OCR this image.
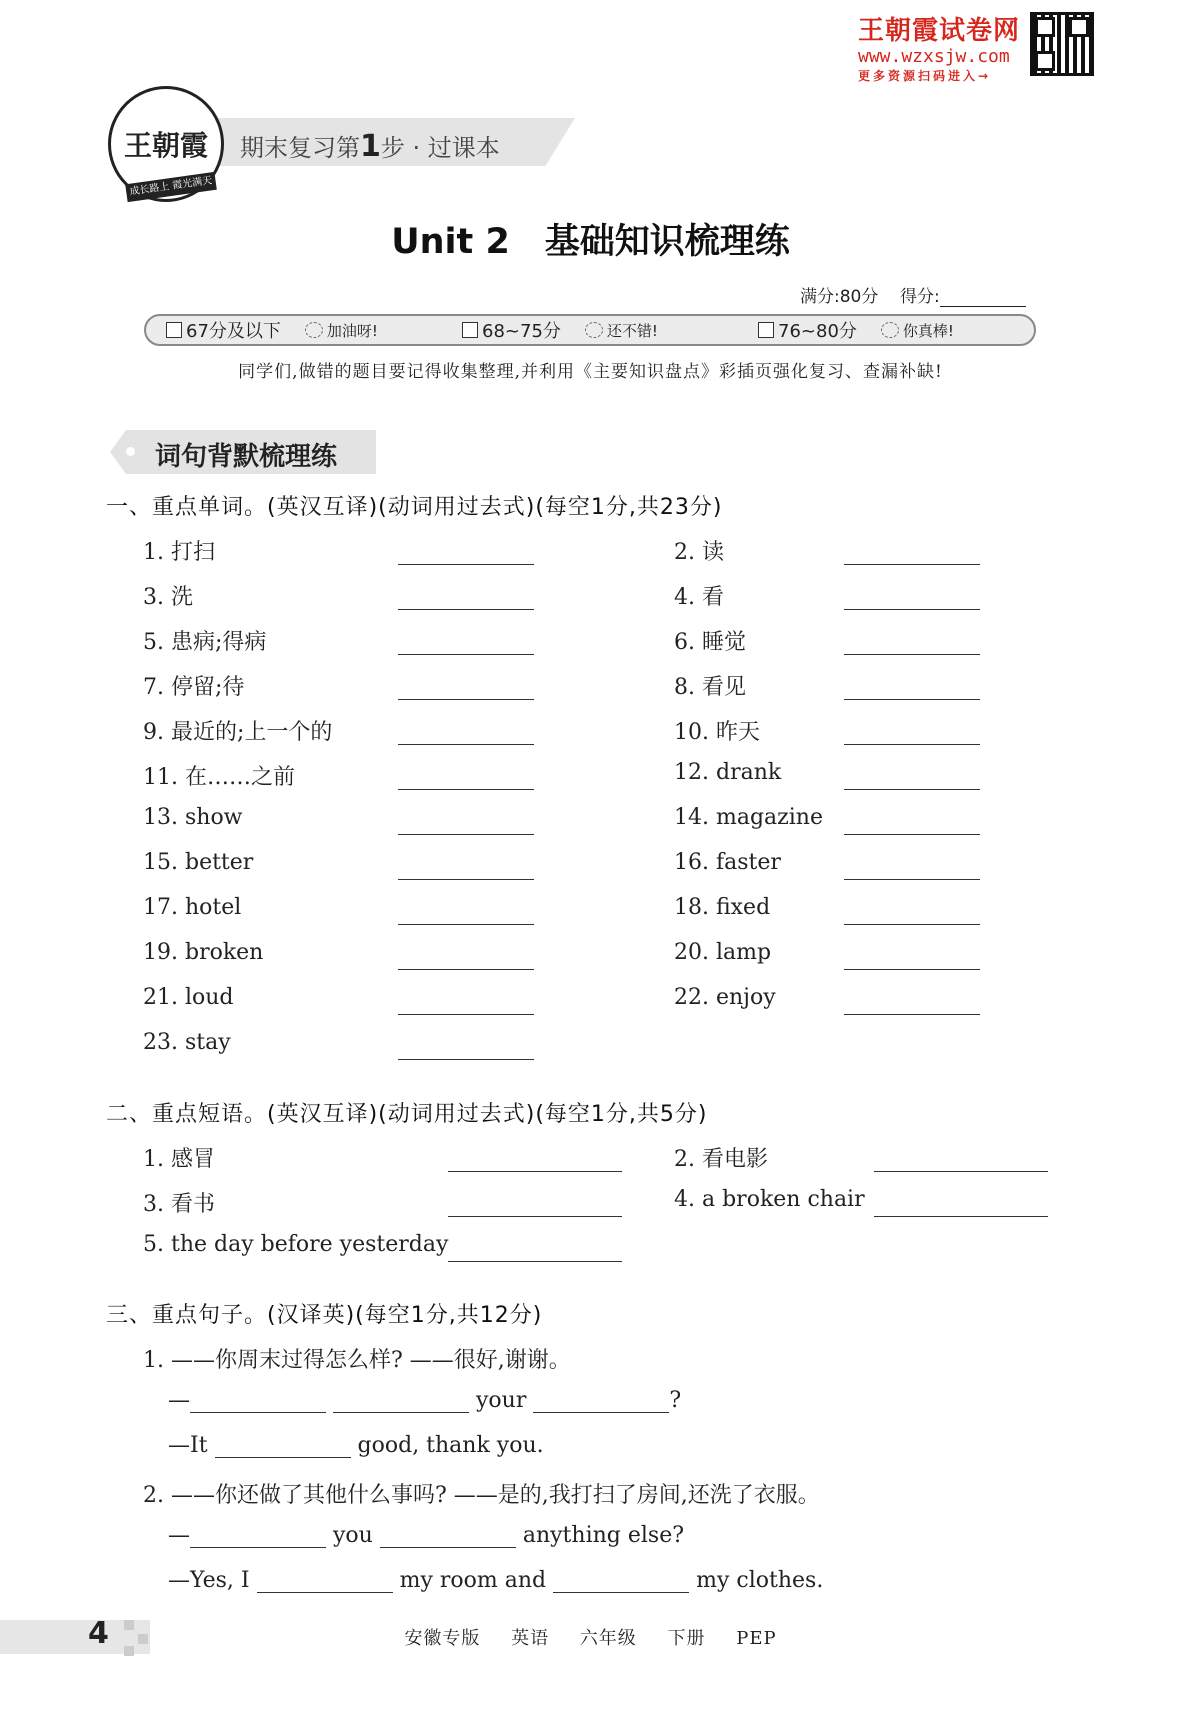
王朝霞试卷网
www.wzxsjw.com
更多资源扫码进入→
期末复习第1步 · 过课本
王朝霞
成长路上 霞光满天
Unit 2　基础知识梳理练
满分:80分 得分:
67分及以下	加油呀!	68~75分	还不错!	76~80分	你真棒!
同学们,做错的题目要记得收集整理,并利用《主要知识盘点》彩插页强化复习、查漏补缺!
词句背默梳理练
一、重点单词。(英汉互译)(动词用过去式)(每空1分,共23分)
1. 打扫	2. 读
3. 洗	4. 看
5. 患病;得病	6. 睡觉
7. 停留;待	8. 看见
9. 最近的;上一个的	10. 昨天
11. 在……之前	12. drank
13. show	14. magazine
15. better	16. faster
17. hotel	18. fixed
19. broken	20. lamp
21. loud	22. enjoy
23. stay
二、重点短语。(英汉互译)(动词用过去式)(每空1分,共5分)
1. 感冒	2. 看电影
3. 看书	4. a broken chair
5. the day before yesterday
三、重点句子。(汉译英)(每空1分,共12分)
1. ——你周末过得怎么样? ——很好,谢谢。
—	your	?
—It	good, thank you.
2. ——你还做了其他什么事吗? ——是的,我打扫了房间,还洗了衣服。
—	you	anything else?
—Yes, I	my room and	my clothes.
4	安徽专版 英语 六年级 下册 PEP
